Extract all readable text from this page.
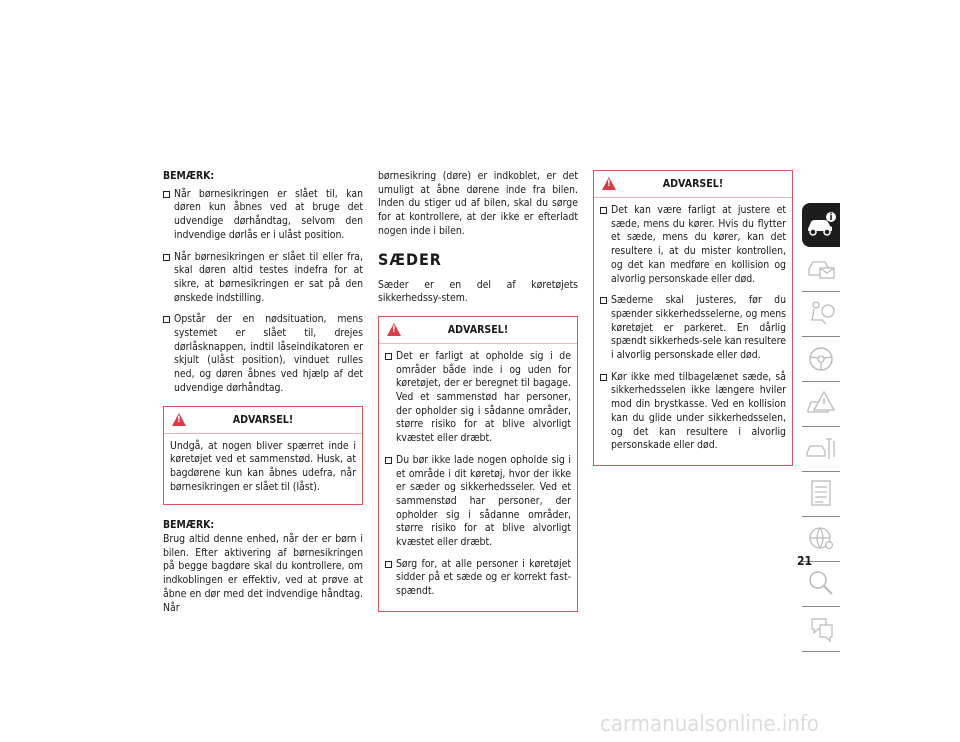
BEMÆRK:

Når børnesikringen er slået til, kan døren kun åbnes ved at bruge det udvendige dørhåndtag, selvom den indvendige dørlås er i ulåst position.
Når børnesikringen er slået til eller fra, skal døren altid testes indefra for at sikre, at børnesikringen er sat på den ønskede indstilling.
Opstår der en nødsituation, mens systemet er slået til, drejes dørlåsknappen, indtil låseindikatoren er skjult (ulåst position), vinduet rulles ned, og døren åbnes ved hjælp af det udvendige dørhåndtag.
!
ADVARSEL!

Undgå, at nogen bliver spærret inde i køretøjet ved et sammenstød. Husk, at bagdørene kun kan åbnes udefra, når børnesikringen er slået til (låst).

BEMÆRK:

Brug altid denne enhed, når der er børn i bilen. Efter aktivering af børnesikringen på begge bagdøre skal du kontrollere, om indkoblingen er effektiv, ved at prøve at åbne en dør med det indvendige håndtag. Når

børnesikring (døre) er indkoblet, er det umuligt at åbne dørene inde fra bilen. Inden du stiger ud af bilen, skal du sørge for at kontrollere, at der ikke er efterladt nogen inde i bilen.

SÆDER

Sæder er en del af køretøjets sikkerhedssy-stem.

!
ADVARSEL!
Det er farligt at opholde sig i de områder både inde i og uden for køretøjet, der er beregnet til bagage. Ved et sammenstød har personer, der opholder sig i sådanne områder, større risiko for at blive alvorligt kvæstet eller dræbt.
Du bør ikke lade nogen opholde sig i et område i dit køretøj, hvor der ikke er sæder og sikkerhedsseler. Ved et sammenstød har personer, der opholder sig i sådanne områder, større risiko for at blive alvorligt kvæstet eller dræbt.
Sørg for, at alle personer i køretøjet sidder på et sæde og er korrekt fast-spændt.
!
ADVARSEL!
Det kan være farligt at justere et sæde, mens du kører. Hvis du flytter et sæde, mens du kører, kan det resultere i, at du mister kontrollen, og det kan medføre en kollision og alvorlig personskade eller død.
Sæderne skal justeres, før du spænder sikkerhedsselerne, og mens køretøjet er parkeret. En dårlig spændt sikkerheds-sele kan resultere i alvorlig personskade eller død.
Kør ikke med tilbagelænet sæde, så sikkerhedsselen ikke længere hviler mod din brystkasse. Ved en kollision kan du glide under sikkerhedsselen, og det kan resultere i alvorlig personskade eller død.
21
carmanualsonline.info
